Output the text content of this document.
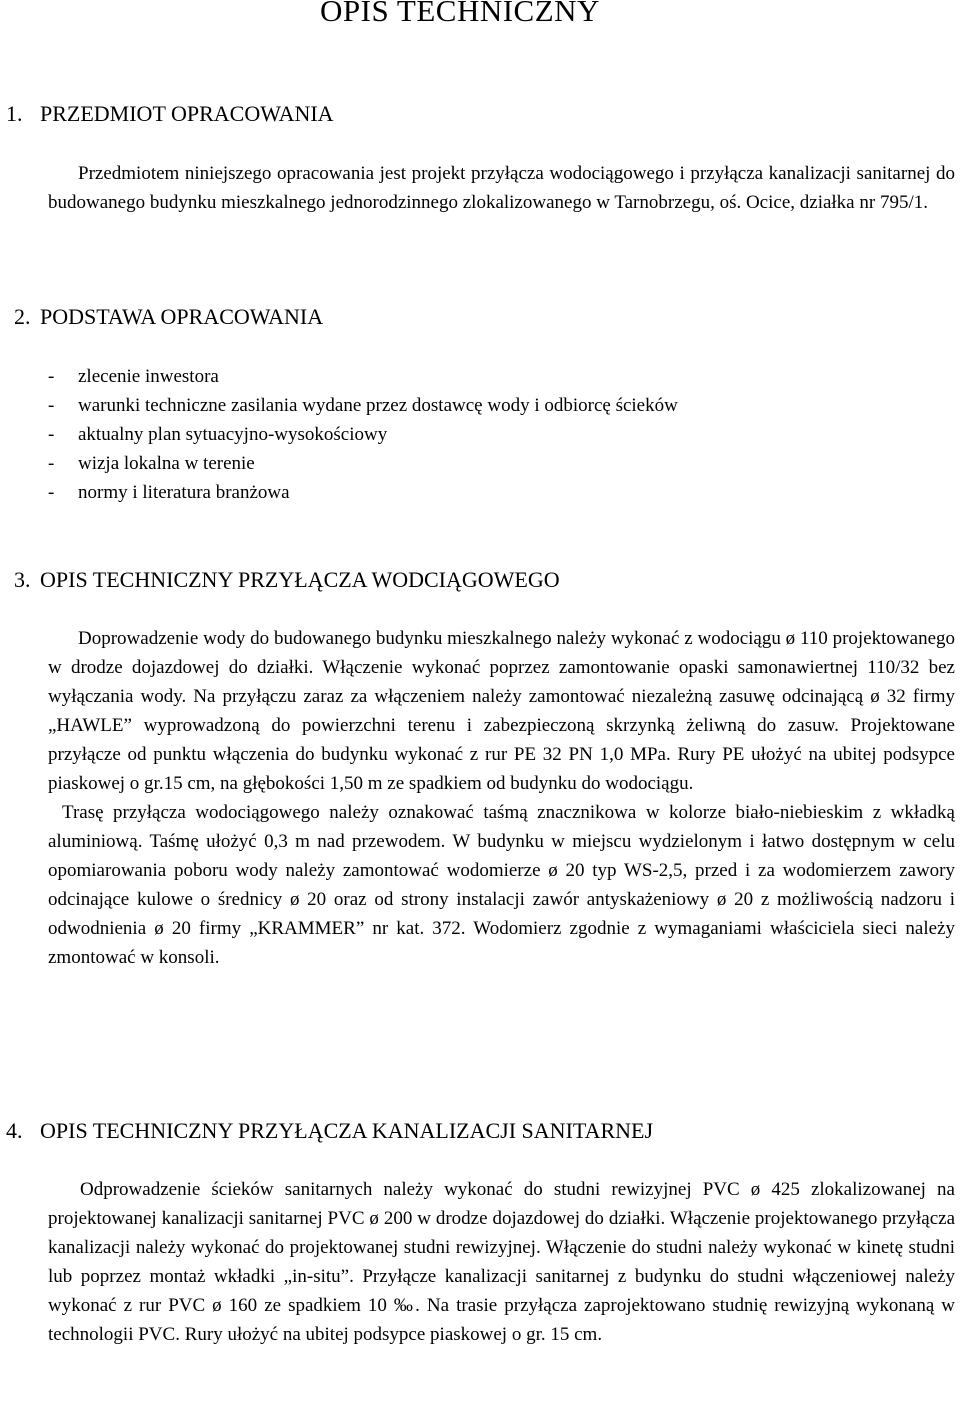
OPIS TECHNICZNY
1. PRZEDMIOT OPRACOWANIA

Przedmiotem niniejszego opracowania jest projekt przyłącza wodociągowego i przyłącza kanalizacji sanitarnej do budowanego budynku mieszkalnego jednorodzinnego zlokalizowanego w Tarnobrzegu, oś. Ocice, działka nr 795/1.

2. PODSTAWA OPRACOWANIA
- zlecenie inwestora
- warunki techniczne zasilania wydane przez dostawcę wody i odbiorcę ścieków
- aktualny plan sytuacyjno-wysokościowy
- wizja lokalna w terenie
- normy i literatura branżowa
3. OPIS TECHNICZNY PRZYŁĄCZA WODCIĄGOWEGO

Doprowadzenie wody do budowanego budynku mieszkalnego należy wykonać z wodociągu ø 110 projektowanego w drodze dojazdowej do działki. Włączenie wykonać poprzez zamontowanie opaski samonawiertnej 110/32 bez wyłączania wody. Na przyłączu zaraz za włączeniem należy zamontować niezależną zasuwę odcinającą ø 32 firmy „HAWLE” wyprowadzoną do powierzchni terenu i zabezpieczoną skrzynką żeliwną do zasuw. Projektowane przyłącze od punktu włączenia do budynku wykonać z rur PE 32 PN 1,0 MPa. Rury PE ułożyć na ubitej podsypce piaskowej o gr.15 cm, na głębokości 1,50 m ze spadkiem od budynku do wodociągu.

Trasę przyłącza wodociągowego należy oznakować taśmą znacznikowa w kolorze biało-niebieskim z wkładką aluminiową. Taśmę ułożyć 0,3 m nad przewodem. W budynku w miejscu wydzielonym i łatwo dostępnym w celu opomiarowania poboru wody należy zamontować wodomierze ø 20 typ WS-2,5, przed i za wodomierzem zawory odcinające kulowe o średnicy ø 20 oraz od strony instalacji zawór antyskażeniowy ø 20 z możliwością nadzoru i odwodnienia ø 20 firmy „KRAMMER” nr kat. 372. Wodomierz zgodnie z wymaganiami właściciela sieci należy zmontować w konsoli.

4. OPIS TECHNICZNY PRZYŁĄCZA KANALIZACJI SANITARNEJ

Odprowadzenie ścieków sanitarnych należy wykonać do studni rewizyjnej PVC ø 425 zlokalizowanej na projektowanej kanalizacji sanitarnej PVC ø 200 w drodze dojazdowej do działki. Włączenie projektowanego przyłącza kanalizacji należy wykonać do projektowanej studni rewizyjnej. Włączenie do studni należy wykonać w kinetę studni lub poprzez montaż wkładki „in-situ”. Przyłącze kanalizacji sanitarnej z budynku do studni włączeniowej należy wykonać z rur PVC ø 160 ze spadkiem 10 ‰. Na trasie przyłącza zaprojektowano studnię rewizyjną wykonaną w technologii PVC. Rury ułożyć na ubitej podsypce piaskowej o gr. 15 cm.
